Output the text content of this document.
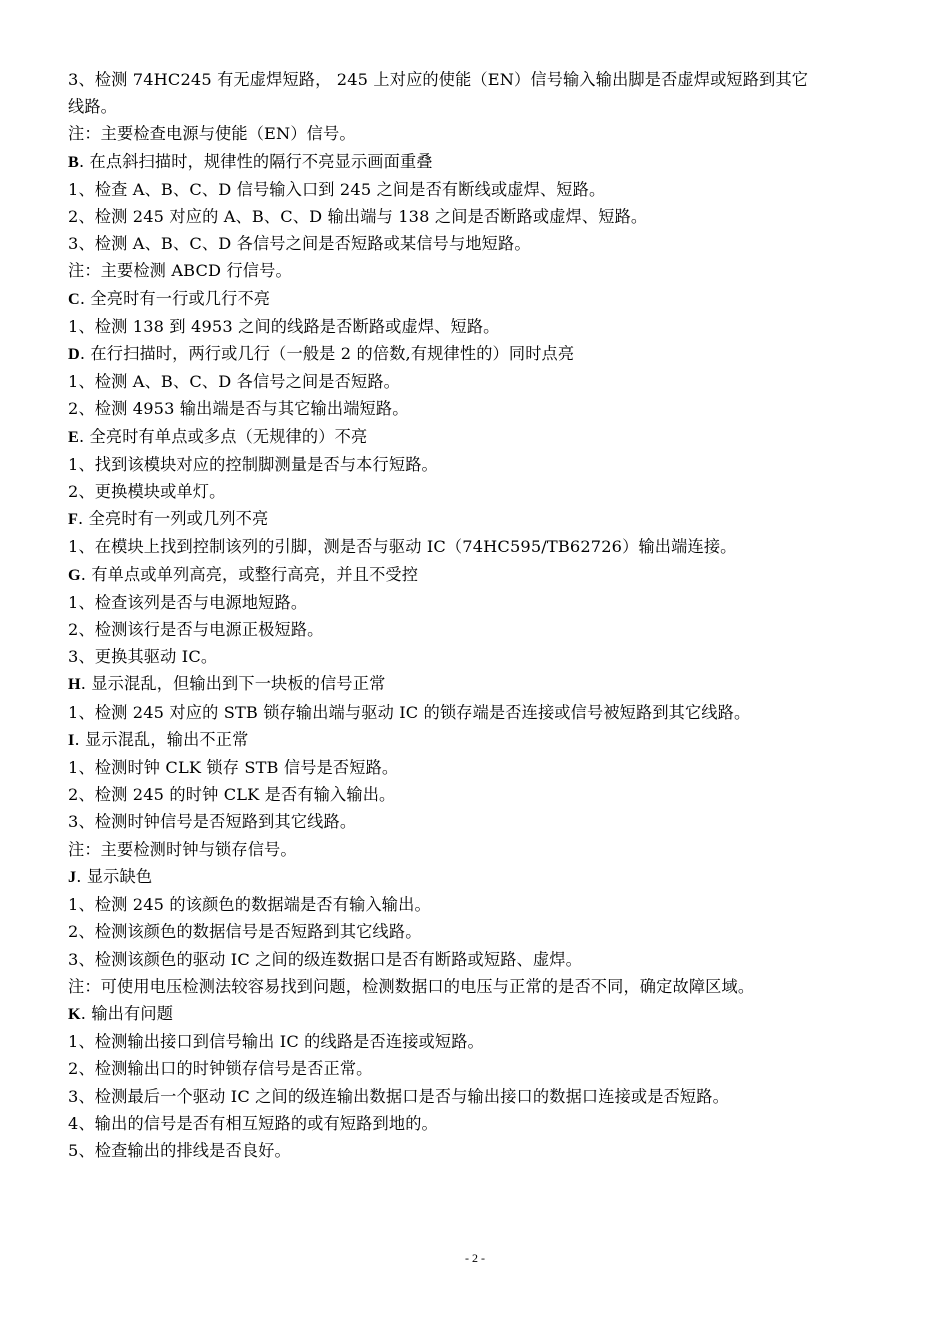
3、检测 74HC245 有无虚焊短路， 245 上对应的使能（EN）信号输入输出脚是否虚焊或短路到其它
线路。
注：主要检查电源与使能（EN）信号。
B. 在点斜扫描时，规律性的隔行不亮显示画面重叠
1、检查 A、B、C、D 信号输入口到 245 之间是否有断线或虚焊、短路。
2、检测 245 对应的 A、B、C、D 输出端与 138 之间是否断路或虚焊、短路。
3、检测 A、B、C、D 各信号之间是否短路或某信号与地短路。
注：主要检测 ABCD 行信号。
C. 全亮时有一行或几行不亮
1、检测 138 到 4953 之间的线路是否断路或虚焊、短路。
D. 在行扫描时，两行或几行（一般是 2 的倍数,有规律性的）同时点亮
1、检测 A、B、C、D 各信号之间是否短路。
2、检测 4953 输出端是否与其它输出端短路。
E. 全亮时有单点或多点（无规律的）不亮
1、找到该模块对应的控制脚测量是否与本行短路。
2、更换模块或单灯。
F. 全亮时有一列或几列不亮
1、在模块上找到控制该列的引脚，测是否与驱动 IC（74HC595/TB62726）输出端连接。
G. 有单点或单列高亮，或整行高亮，并且不受控
1、检查该列是否与电源地短路。
2、检测该行是否与电源正极短路。
3、更换其驱动 IC。
H. 显示混乱，但输出到下一块板的信号正常
1、检测 245 对应的 STB 锁存输出端与驱动 IC 的锁存端是否连接或信号被短路到其它线路。
I. 显示混乱，输出不正常
1、检测时钟 CLK 锁存 STB 信号是否短路。
2、检测 245 的时钟 CLK 是否有输入输出。
3、检测时钟信号是否短路到其它线路。
注：主要检测时钟与锁存信号。
J. 显示缺色
1、检测 245 的该颜色的数据端是否有输入输出。
2、检测该颜色的数据信号是否短路到其它线路。
3、检测该颜色的驱动 IC 之间的级连数据口是否有断路或短路、虚焊。
注：可使用电压检测法较容易找到问题，检测数据口的电压与正常的是否不同，确定故障区域。
K. 输出有问题
1、检测输出接口到信号输出 IC 的线路是否连接或短路。
2、检测输出口的时钟锁存信号是否正常。
3、检测最后一个驱动 IC 之间的级连输出数据口是否与输出接口的数据口连接或是否短路。
4、输出的信号是否有相互短路的或有短路到地的。
5、检查输出的排线是否良好。
- 2 -
